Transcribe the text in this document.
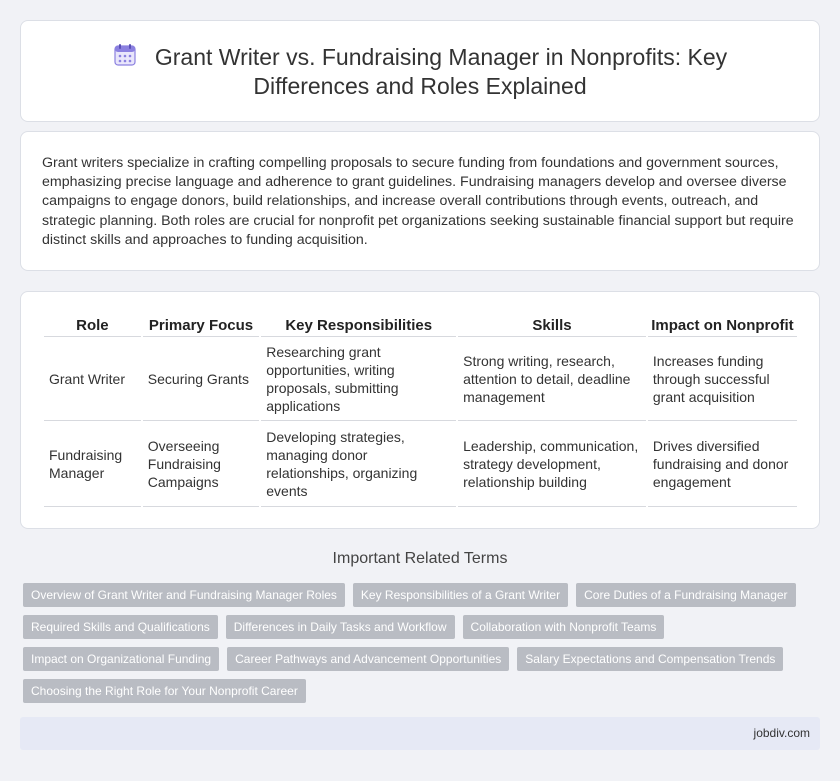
Grant Writer vs. Fundraising Manager in Nonprofits: Key Differences and Roles Explained

Grant writers specialize in crafting compelling proposals to secure funding from foundations and government sources, emphasizing precise language and adherence to grant guidelines. Fundraising managers develop and oversee diverse campaigns to engage donors, build relationships, and increase overall contributions through events, outreach, and strategic planning. Both roles are crucial for nonprofit pet organizations seeking sustainable financial support but require distinct skills and approaches to funding acquisition.

Role	Primary Focus	Key Responsibilities	Skills	Impact on Nonprofit
Grant Writer	Securing Grants	Researching grant opportunities, writing proposals, submitting applications	Strong writing, research, attention to detail, deadline management	Increases funding through successful grant acquisition
Fundraising Manager	Overseeing Fundraising Campaigns	Developing strategies, managing donor relationships, organizing events	Leadership, communication, strategy development, relationship building	Drives diversified fundraising and donor engagement
Important Related Terms
Overview of Grant Writer and Fundraising Manager Roles	Key Responsibilities of a Grant Writer	Core Duties of a Fundraising Manager
Required Skills and Qualifications	Differences in Daily Tasks and Workflow	Collaboration with Nonprofit Teams
Impact on Organizational Funding	Career Pathways and Advancement Opportunities	Salary Expectations and Compensation Trends
Choosing the Right Role for Your Nonprofit Career
jobdiv.com
